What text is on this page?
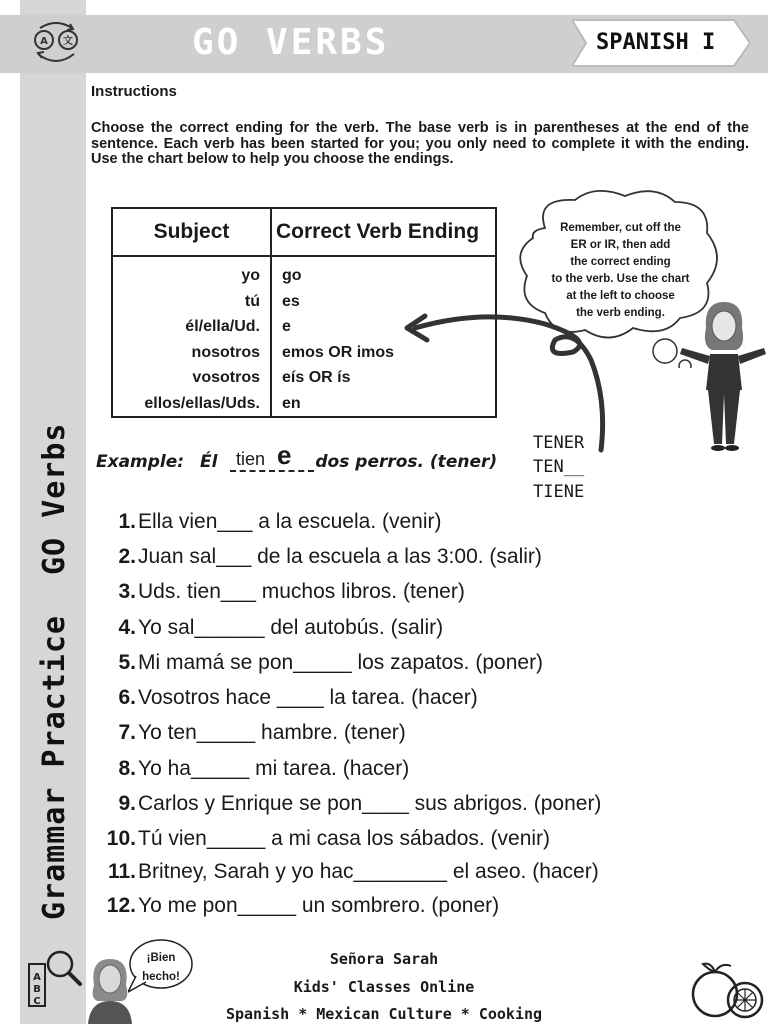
Grammar Practice
GO Verbs
A 文	GO VERBS	SPANISH I
Instructions
Choose the correct ending for the verb. The base verb is in parentheses at the end of the sentence. Each verb has been started for you; you only need to complete it with the ending. Use the chart below to help you choose the endings.
Subject	Correct Verb Ending
yo	go
tú	es
él/ella/Ud.	e
nosotros	emos OR imos
vosotros	eís OR ís
ellos/ellas/Uds.	en
Remember, cut off the
ER or IR, then add
the correct ending
to the verb. Use the chart
at the left to choose
the verb ending.
Example: Él	dos perros. (tener)
tien e	TENER
TEN__
TIENE
1. Ella vien___ a la escuela. (venir)
2. Juan sal___ de la escuela a las 3:00. (salir)
3. Uds. tien___ muchos libros. (tener)
4. Yo sal______ del autobús. (salir)
5. Mi mamá se pon_____ los zapatos. (poner)
6. Vosotros hace ____ la tarea. (hacer)
7. Yo ten_____ hambre. (tener)
8. Yo ha_____ mi tarea. (hacer)
9. Carlos y Enrique se pon____ sus abrigos. (poner)
10. Tú vien_____ a mi casa los sábados. (venir)
11. Britney, Sarah y yo hac________ el aseo. (hacer)
12. Yo me pon_____ un sombrero. (poner)
A
B
C
¡Bien
hecho!
Señora Sarah
Kids' Classes Online
Spanish * Mexican Culture * Cooking
